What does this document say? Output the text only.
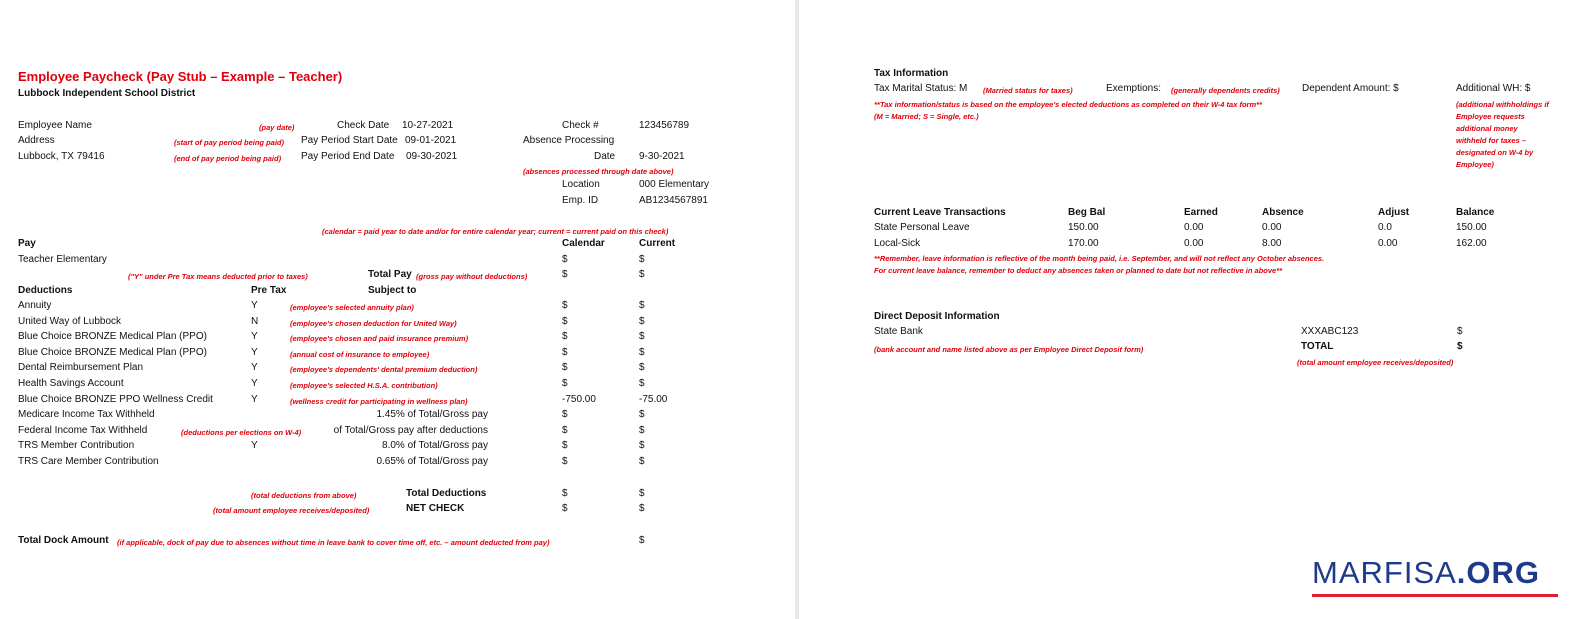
Employee Paycheck (Pay Stub – Example – Teacher)
Lubbock Independent School District
Employee Name
Address
Lubbock, TX 79416
(pay date)	Check Date 10-27-2021
(start of pay period being paid) Pay Period Start Date 09-01-2021
(end of pay period being paid) Pay Period End Date 09-30-2021
Check #	123456789
Absence Processing
Date 9-30-2021
(absences processed through date above)
Location	000 Elementary
Emp. ID	AB1234567891
(calendar = paid year to date and/or for entire calendar year; current = current paid on this check)
Pay	Calendar	Current
Teacher Elementary	$	$
("Y" under Pre Tax means deducted prior to taxes)	Total Pay (gross pay without deductions)	$	$
Deductions	Pre Tax	Subject to
Annuity	Y	(employee's selected annuity plan)	$	$
United Way of Lubbock	N	(employee's chosen deduction for United Way)	$	$
Blue Choice BRONZE Medical Plan (PPO)	Y	(employee's chosen and paid insurance premium)	$	$
Blue Choice BRONZE Medical Plan (PPO)	Y	(annual cost of insurance to employee)	$	$
Dental Reimbursement Plan	Y	(employee's dependents' dental premium deduction)	$	$
Health Savings Account	Y	(employee's selected H.S.A. contribution)	$	$
Blue Choice BRONZE PPO Wellness Credit	Y	(wellness credit for participating in wellness plan)	-750.00	-75.00
Medicare Income Tax Withheld	1.45% of Total/Gross pay	$	$
Federal Income Tax Withheld	(deductions per elections on W-4)	of Total/Gross pay after deductions	$	$
TRS Member Contribution	Y	8.0% of Total/Gross pay	$	$
TRS Care Member Contribution	0.65% of Total/Gross pay	$	$
(total deductions from above)	Total Deductions	$	$
(total amount employee receives/deposited)	NET CHECK	$	$
Total Dock Amount (if applicable, dock of pay due to absences without time in leave bank to cover time off, etc. – amount deducted from pay)	$
Tax Information
Tax Marital Status: M (Married status for taxes)	Exemptions: (generally dependents credits) Dependent Amount: $	Additional WH: $
(additional withholdings if
Employee requests
additional money
withheld for taxes –
designated on W-4 by
Employee)
**Tax information/status is based on the employee's elected deductions as completed on their W-4 tax form**
(M = Married; S = Single, etc.)
Current Leave Transactions	Beg Bal	Earned	Absence	Adjust	Balance
State Personal Leave	150.00	0.00	0.00	0.0	150.00
Local-Sick	170.00	0.00	8.00	0.00	162.00
**Remember, leave information is reflective of the month being paid, i.e. September, and will not reflect any October absences.
For current leave balance, remember to deduct any absences taken or planned to date but not reflective in above**
Direct Deposit Information
State Bank	XXXABC123	$
(bank account and name listed above as per Employee Direct Deposit form)	TOTAL	$
(total amount employee receives/deposited)
MARFISA.ORG
